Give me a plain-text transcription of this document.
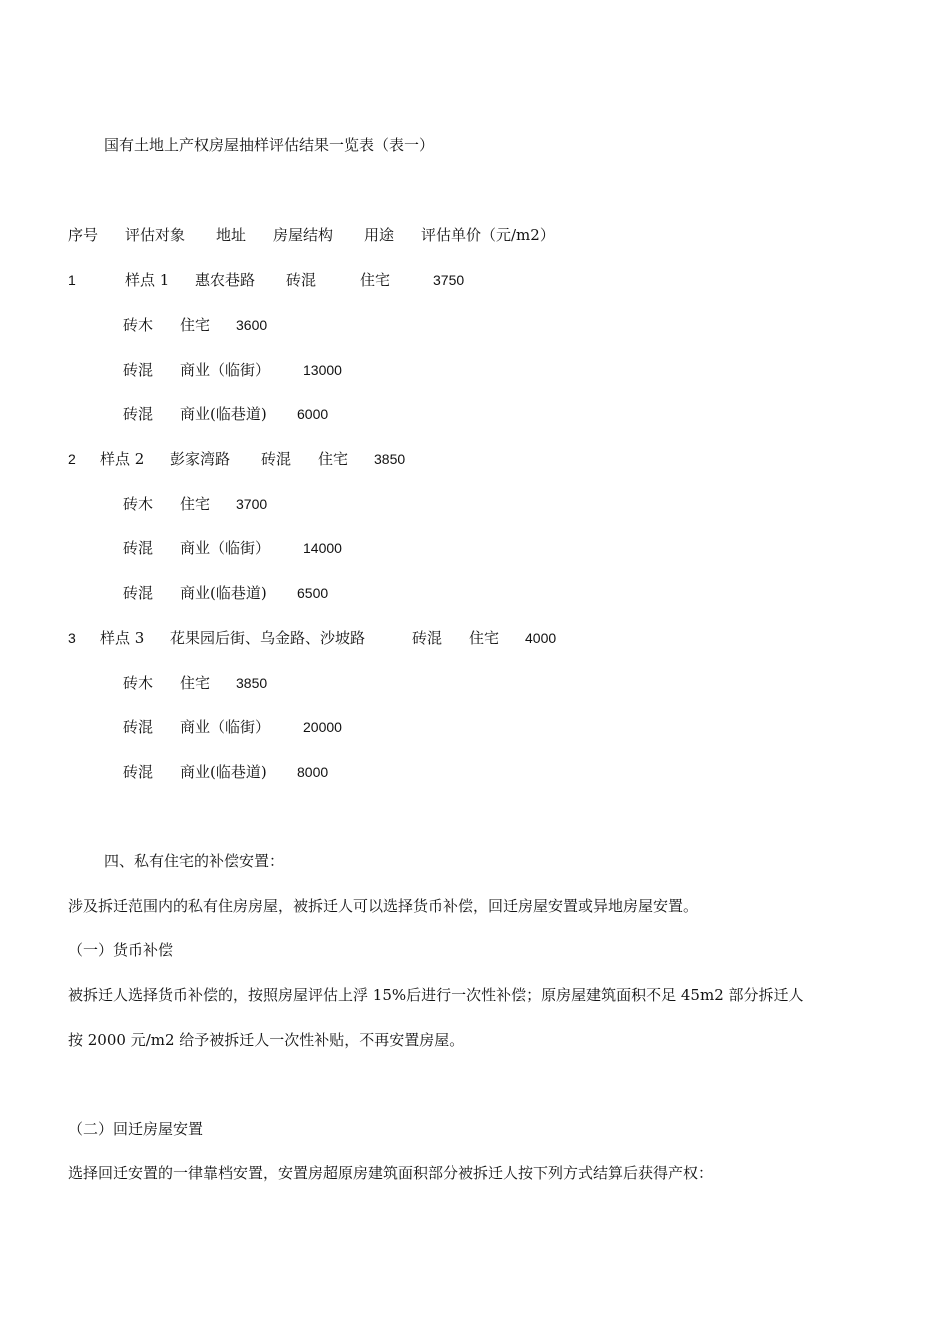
国有土地上产权房屋抽样评估结果一览表（表一）
序号 评估对象 地址 房屋结构 用途 评估单价（元/m2）
1	样点 1 惠农巷路 砖混	住宅	3750
砖木 住宅 3600
砖混 商业（临街） 13000
砖混 商业(临巷道) 6000
2 样点 2 彭家湾路 砖混 住宅 3850
砖木 住宅 3700
砖混 商业（临街） 14000
砖混 商业(临巷道) 6500
3 样点 3 花果园后街、乌金路、沙坡路	砖混 住宅 4000
砖木 住宅 3850
砖混 商业（临街） 20000
砖混 商业(临巷道) 8000
四、私有住宅的补偿安置：
涉及拆迁范围内的私有住房房屋，被拆迁人可以选择货币补偿，回迁房屋安置或异地房屋安置。
（一）货币补偿
被拆迁人选择货币补偿的，按照房屋评估上浮 15%后进行一次性补偿；原房屋建筑面积不足 45m2 部分拆迁人
按 2000 元/m2 给予被拆迁人一次性补贴，不再安置房屋。
（二）回迁房屋安置
选择回迁安置的一律靠档安置，安置房超原房建筑面积部分被拆迁人按下列方式结算后获得产权：
